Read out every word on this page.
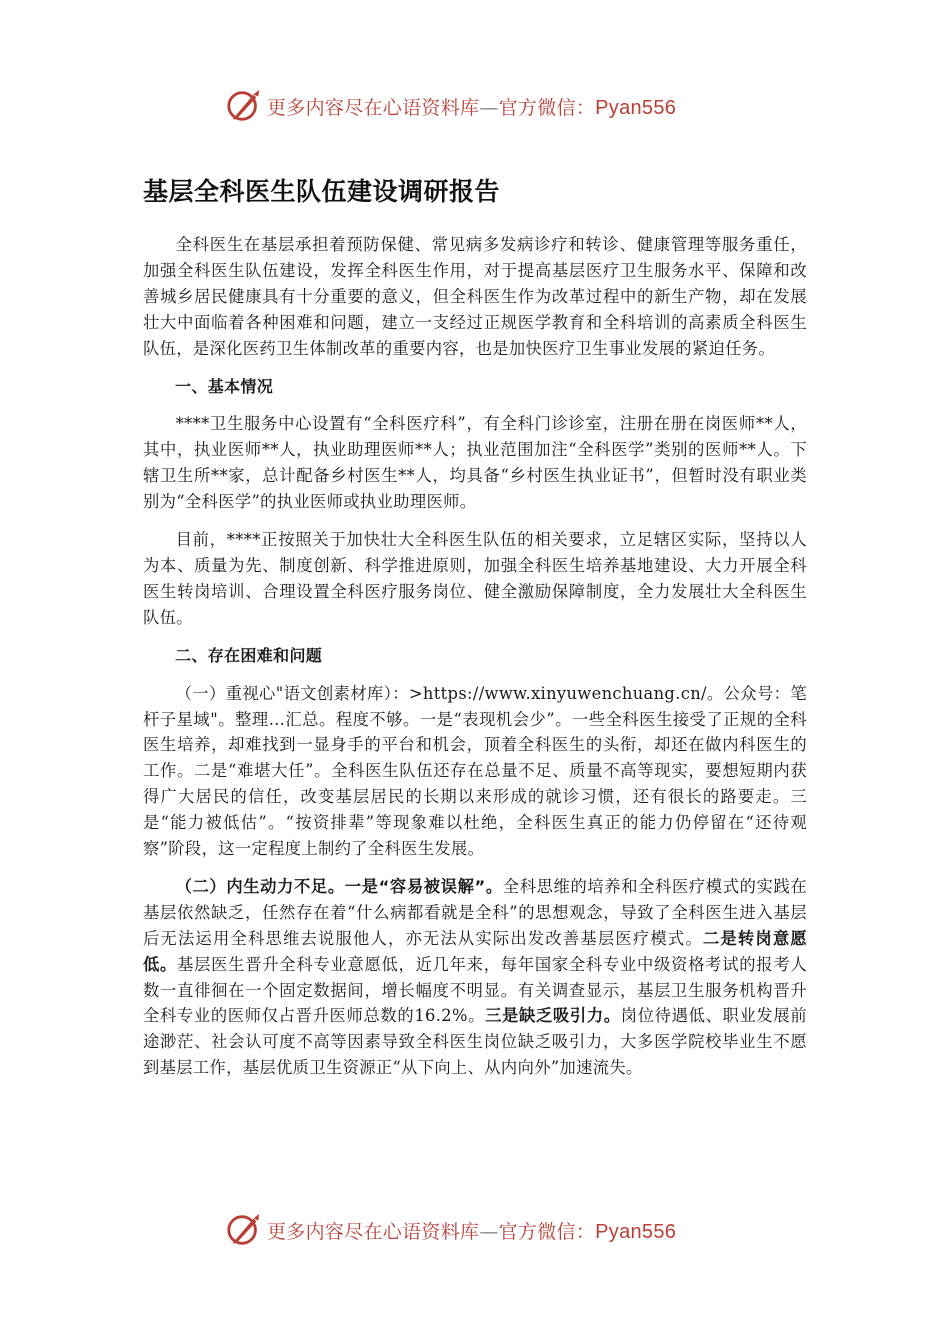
更多内容尽在心语资料库—官方微信：Pyan556
基层全科医生队伍建设调研报告

全科医生在基层承担着预防保健、常见病多发病诊疗和转诊、健康管理等服务重任，加强全科医生队伍建设，发挥全科医生作用，对于提高基层医疗卫生服务水平、保障和改善城乡居民健康具有十分重要的意义，但全科医生作为改革过程中的新生产物，却在发展壮大中面临着各种困难和问题，建立一支经过正规医学教育和全科培训的高素质全科医生队伍，是深化医药卫生体制改革的重要内容，也是加快医疗卫生事业发展的紧迫任务。

一、基本情况

****卫生服务中心设置有“全科医疗科”，有全科门诊诊室，注册在册在岗医师**人，其中，执业医师**人，执业助理医师**人；执业范围加注“全科医学”类别的医师**人。下辖卫生所**家，总计配备乡村医生**人，均具备“乡村医生执业证书”，但暂时没有职业类别为“全科医学”的执业医师或执业助理医师。

目前，****正按照关于加快壮大全科医生队伍的相关要求，立足辖区实际，坚持以人为本、质量为先、制度创新、科学推进原则，加强全科医生培养基地建设、大力开展全科医生转岗培训、合理设置全科医疗服务岗位、健全激励保障制度，全力发展壮大全科医生队伍。

二、存在困难和问题

（一）重视心"语文创素材库）：>https://www.xinyuwenchuang.cn/。公众号：笔杆子星域"。整理…汇总。程度不够。一是“表现机会少”。一些全科医生接受了正规的全科医生培养，却难找到一显身手的平台和机会，顶着全科医生的头衔，却还在做内科医生的工作。二是“难堪大任”。全科医生队伍还存在总量不足、质量不高等现实，要想短期内获得广大居民的信任，改变基层居民的长期以来形成的就诊习惯，还有很长的路要走。三是“能力被低估”。“按资排辈”等现象难以杜绝，全科医生真正的能力仍停留在“还待观察”阶段，这一定程度上制约了全科医生发展。

（二）内生动力不足。一是“容易被误解”。全科思维的培养和全科医疗模式的实践在基层依然缺乏，任然存在着“什么病都看就是全科”的思想观念，导致了全科医生进入基层后无法运用全科思维去说服他人，亦无法从实际出发改善基层医疗模式。二是转岗意愿低。基层医生晋升全科专业意愿低，近几年来，每年国家全科专业中级资格考试的报考人数一直徘徊在一个固定数据间，增长幅度不明显。有关调查显示，基层卫生服务机构晋升全科专业的医师仅占晋升医师总数的16.2%。三是缺乏吸引力。岗位待遇低、职业发展前途渺茫、社会认可度不高等因素导致全科医生岗位缺乏吸引力，大多医学院校毕业生不愿到基层工作，基层优质卫生资源正“从下向上、从内向外”加速流失。

更多内容尽在心语资料库—官方微信：Pyan556
